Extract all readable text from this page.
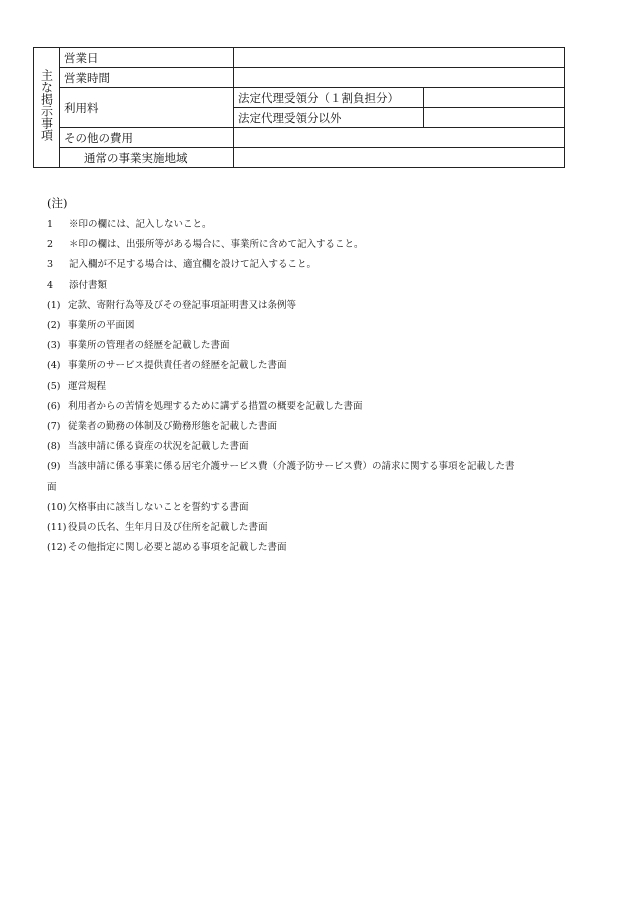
主な掲示事項	営業日		
	営業時間		
	利用料	法定代理受領分（１割負担分）	
		法定代理受領分以外	
	その他の費用		
	通常の事業実施地域		
(注)
1 ※印の欄には、記入しないこと。
2 ＊印の欄は、出張所等がある場合に、事業所に含めて記入すること。
3 記入欄が不足する場合は、適宜欄を設けて記入すること。
4 添付書類
(1) 定款、寄附行為等及びその登記事項証明書又は条例等
(2) 事業所の平面図
(3) 事業所の管理者の経歴を記載した書面
(4) 事業所のサービス提供責任者の経歴を記載した書面
(5) 運営規程
(6) 利用者からの苦情を処理するために講ずる措置の概要を記載した書面
(7) 従業者の勤務の体制及び勤務形態を記載した書面
(8) 当該申請に係る資産の状況を記載した書面
(9) 当該申請に係る事業に係る居宅介護サービス費（介護予防サービス費）の請求に関する事項を記載した書
面
(10)欠格事由に該当しないことを誓約する書面
(11)役員の氏名、生年月日及び住所を記載した書面
(12)その他指定に関し必要と認める事項を記載した書面
